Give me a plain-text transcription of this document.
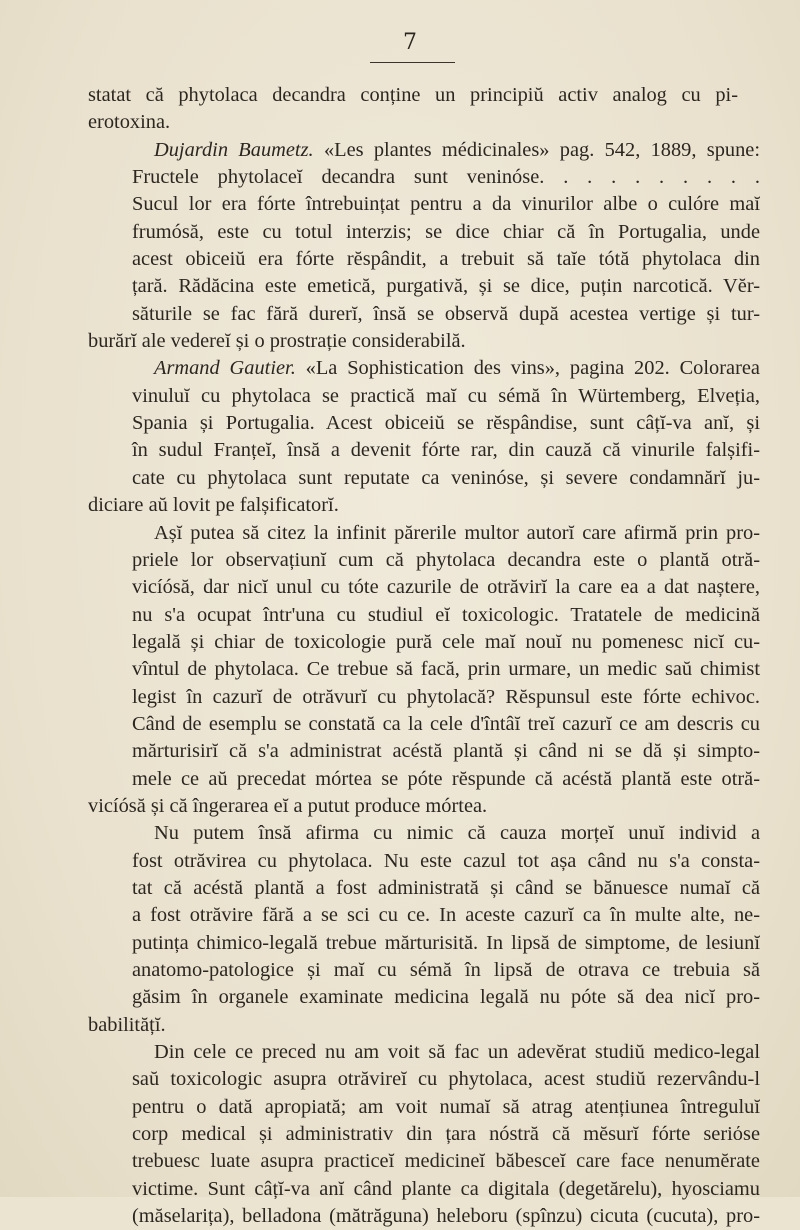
7
statat că phytolaca decandra conține un principiŭ activ analog cu pi-
erotoxina.
Dujardin Baumetz. «Les plantes médicinales» pag. 542, 1889, spune:
Fructele phytolaceĭ decandra sunt veninóse. . . . . . . . . .
Sucul lor era fórte întrebuințat pentru a da vinurilor albe o culóre maĭ
frumósă, este cu totul interzis; se dice chiar că în Portugalia, unde
acest obiceiŭ era fórte rĕspândit, a trebuit să taĭe tótă phytolaca din
țară. Rădăcina este emetică, purgativă, și se dice, puțin narcotică. Vĕr-
săturile se fac fără durerĭ, însă se observă după acestea vertige și tur-
burărĭ ale vedereĭ și o prostrație considerabilă.
Armand Gautier. «La Sophistication des vins», pagina 202. Colorarea
vinuluĭ cu phytolaca se practică maĭ cu sémă în Würtemberg, Elveția,
Spania și Portugalia. Acest obiceiŭ se rĕspândise, sunt câțĭ-va anĭ, și
în sudul Franțeĭ, însă a devenit fórte rar, din cauză că vinurile falșifi-
cate cu phytolaca sunt reputate ca veninóse, și severe condamnărĭ ju-
diciare aŭ lovit pe falșificatorĭ.
Așĭ putea să citez la infinit părerile multor autorĭ care afirmă prin pro-
priele lor observațiunĭ cum că phytolaca decandra este o plantă otră-
vicíósă, dar nicĭ unul cu tóte cazurile de otrăvirĭ la care ea a dat naștere,
nu s'a ocupat într'una cu studiul eĭ toxicologic. Tratatele de medicină
legală și chiar de toxicologie pură cele maĭ nouĭ nu pomenesc nicĭ cu-
vîntul de phytolaca. Ce trebue să facă, prin urmare, un medic saŭ chimist
legist în cazurĭ de otrăvurĭ cu phytolacă? Rĕspunsul este fórte echivoc.
Când de esemplu se constată ca la cele d'întâĭ treĭ cazurĭ ce am descris cu
mărturisirĭ că s'a administrat acéstă plantă și când ni se dă și simpto-
mele ce aŭ precedat mórtea se póte rĕspunde că acéstă plantă este otră-
vicíósă și că îngerarea eĭ a putut produce mórtea.
Nu putem însă afirma cu nimic că cauza morțeĭ unuĭ individ a
fost otrăvirea cu phytolaca. Nu este cazul tot așa când nu s'a consta-
tat că acéstă plantă a fost administrată și când se bănuesce numaĭ că
a fost otrăvire fără a se sci cu ce. In aceste cazurĭ ca în multe alte, ne-
putința chimico-legală trebue mărturisită. In lipsă de simptome, de lesiunĭ
anatomo-patologice și maĭ cu sémă în lipsă de otrava ce trebuia să
găsim în organele examinate medicina legală nu póte să dea nicĭ pro-
babilitățĭ.
Din cele ce preced nu am voit să fac un adevĕrat studiŭ medico-legal
saŭ toxicologic asupra otrăvireĭ cu phytolaca, acest studiŭ rezervându-l
pentru o dată apropiată; am voit numaĭ să atrag atențiunea întreguluĭ
corp medical și administrativ din țara nóstră că mĕsurĭ fórte seriόse
trebuesc luate asupra practiceĭ medicineĭ băbesceĭ care face nenumĕrate
victime. Sunt câțĭ-va anĭ când plante ca digitala (degetărelu), hyosciamu
(măselarița), belladona (mătrăguna) heleboru (spînzu) cicuta (cucuta), pro-
